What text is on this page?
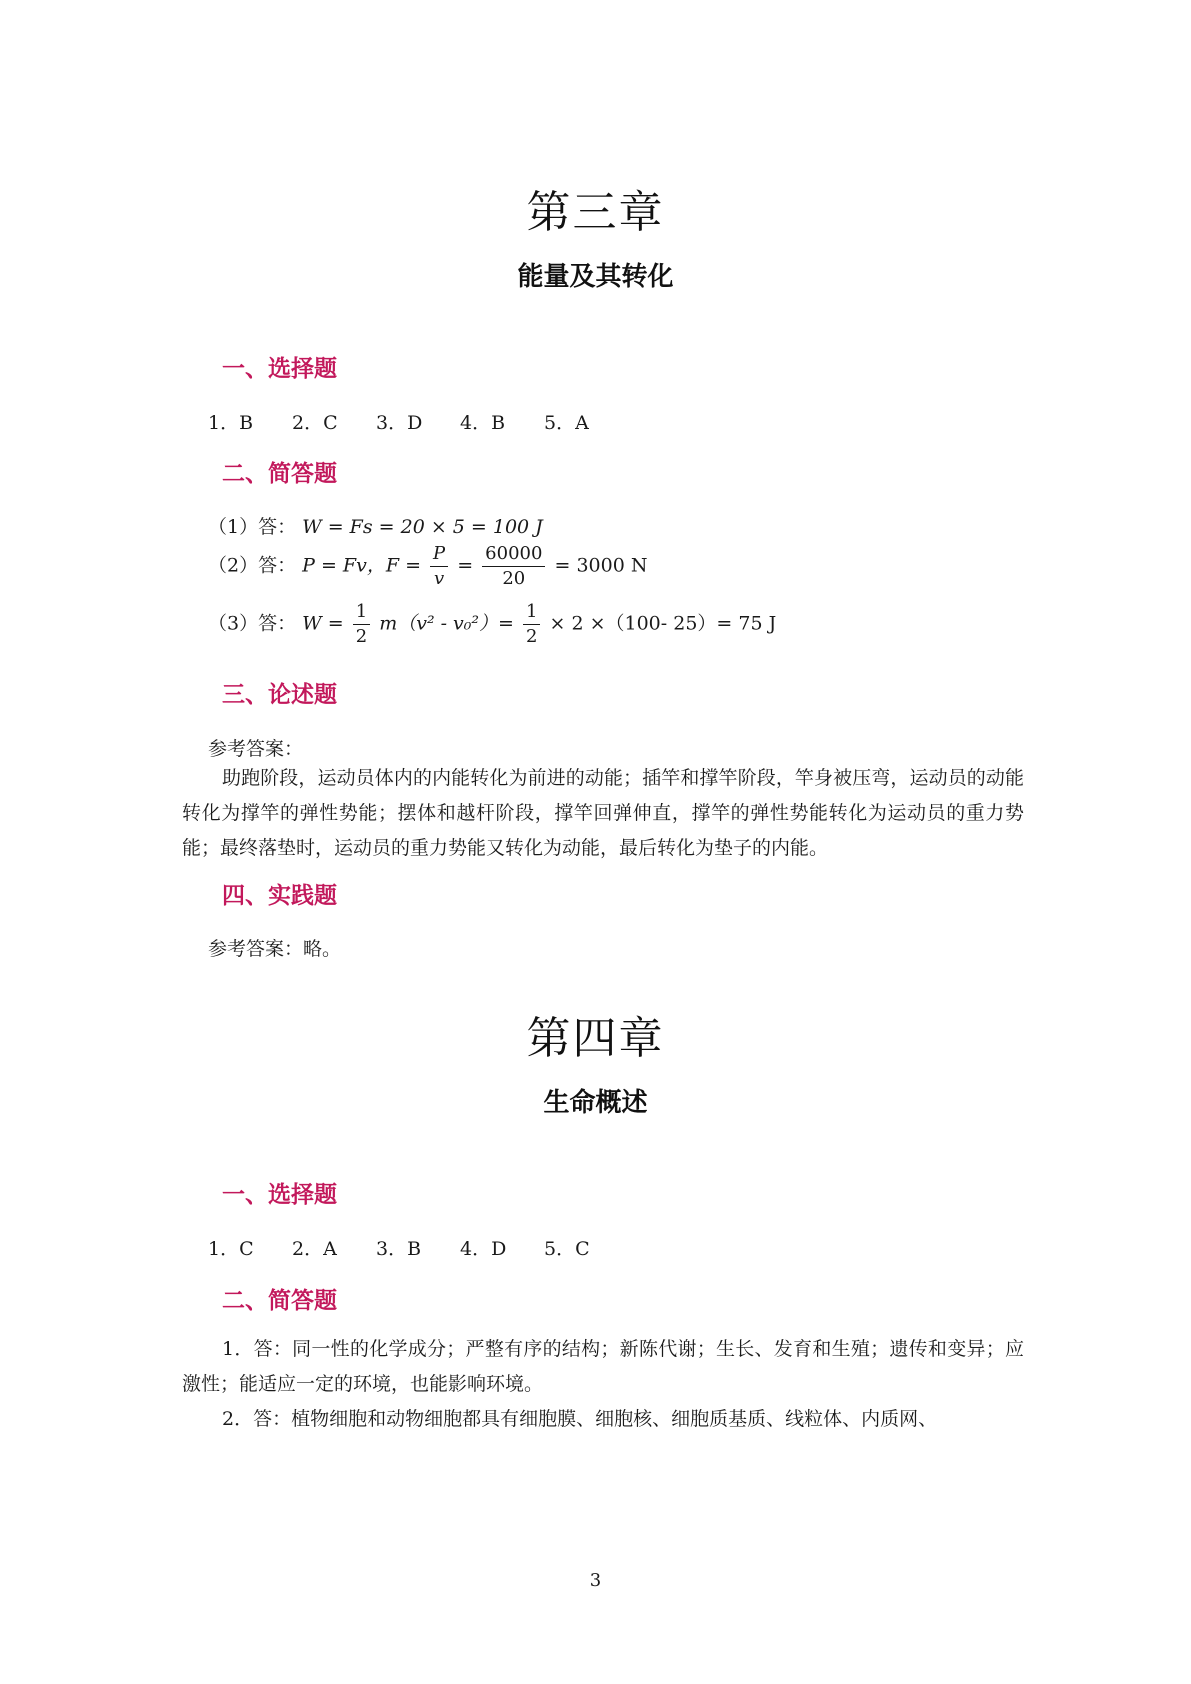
第三章
能量及其转化
一、选择题
1．B 2．C 3．D 4．B 5．A
二、简答题
（1）答： W = Fs = 20 × 5 = 100 J
（2）答： P = Fv，$F = \frac{P}{v} = \frac{60000}{20} = 3000$ N
（3）答： $W = \frac{1}{2} m(v^2 - v_0^2)= \frac{1}{2} \times 2 \times(100-$ 25）= 75 J
三、论述题
参考答案：

助跑阶段，运动员体内的内能转化为前进的动能；插竿和撑竿阶段，竿身被压弯，运动员的动能转化为撑竿的弹性势能；摆体和越杆阶段，撑竿回弹伸直，撑竿的弹性势能转化为运动员的重力势能；最终落垫时，运动员的重力势能又转化为动能，最后转化为垫子的内能。

四、实践题
参考答案：略。
第四章
生命概述
一、选择题
1．C 2．A 3．B 4．D 5．C
二、简答题

1．答：同一性的化学成分；严整有序的结构；新陈代谢；生长、发育和生殖；遗传和变异；应激性；能适应一定的环境，也能影响环境。

2．答：植物细胞和动物细胞都具有细胞膜、细胞核、细胞质基质、线粒体、内质网、

3
